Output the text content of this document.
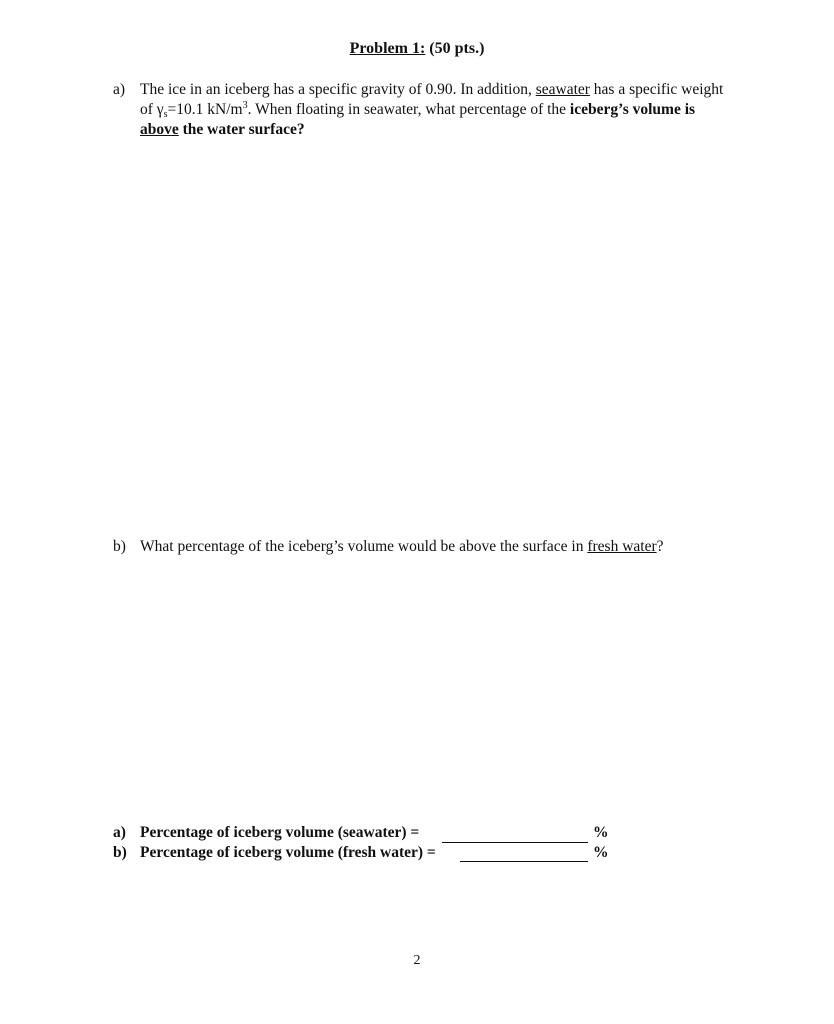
Problem 1: (50 pts.)
a) The ice in an iceberg has a specific gravity of 0.90. In addition, seawater has a specific weight of $\gamma_s=10.1$ $kN/m^3$. When floating in seawater, what percentage of the iceberg’s volume is above the water surface?
b) What percentage of the iceberg’s volume would be above the surface in fresh water?
a) Percentage of iceberg volume (seawater) =	%
b) Percentage of iceberg volume (fresh water) =	%
2
